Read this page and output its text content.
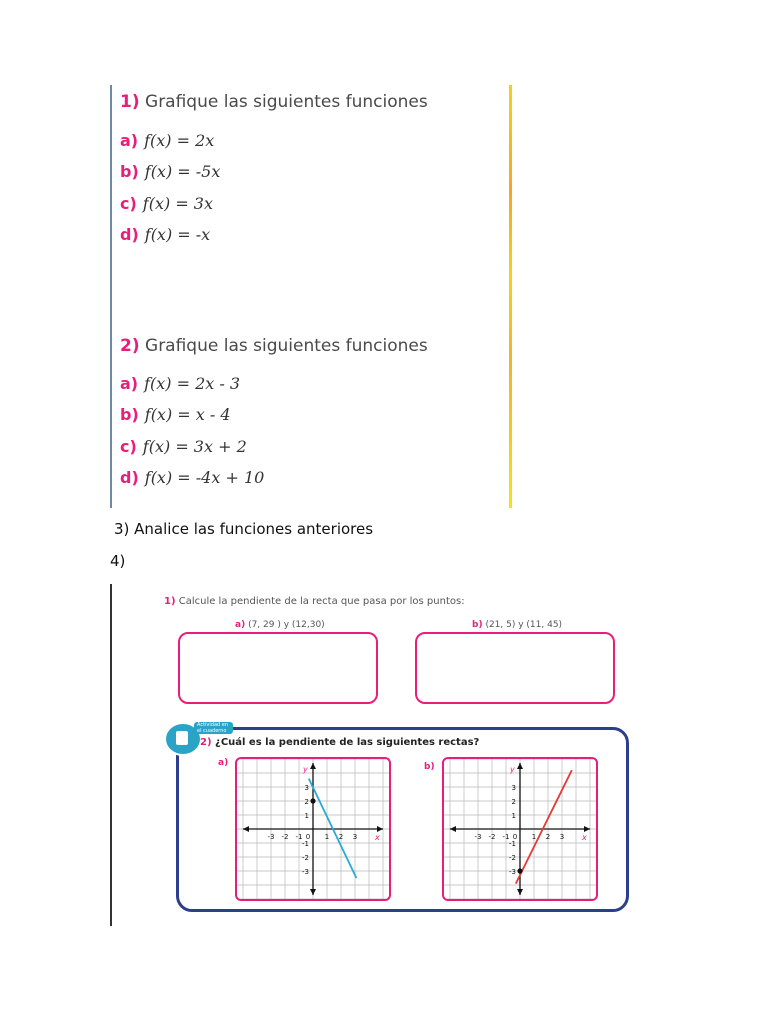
1) Grafique las siguientes funciones
a) f(x) = 2x
b) f(x) = -5x
c) f(x) = 3x
d) f(x) = -x
2) Grafique las siguientes funciones
a) f(x) = 2x - 3
b) f(x) = x - 4
c) f(x) = 3x + 2
d) f(x) = -4x + 10
3) Analice las funciones anteriores
4)
1) Calcule la pendiente de la recta que pasa por los puntos:
a) (7, 29 ) y (12,30)	b) (21, 5) y (11, 45)
Actividad en el cuaderno
2) ¿Cuál es la pendiente de las siguientes rectas?
a)	b)
-3 -2 -1 0 1 2 3
3
2
1
-1
-2
-3
x
y
-3 -2 -1 0 1 2 3
3
2
1
-1
-2
-3
x
y
